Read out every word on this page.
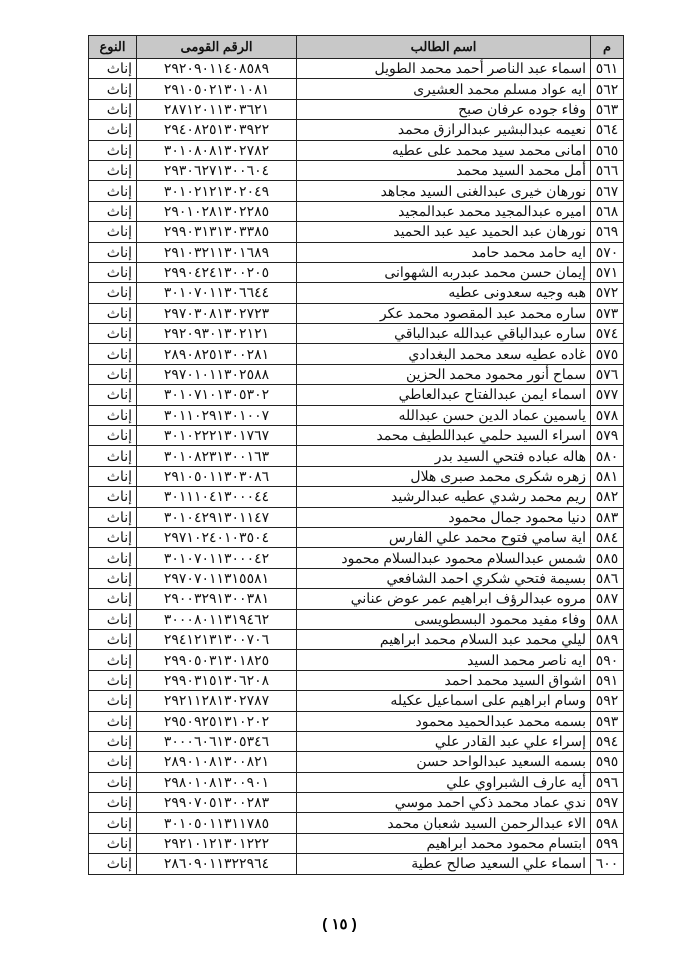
م	اسم الطالب	الرقم القومى	النوع
٥٦١	اسماء عبد الناصر أحمد محمد الطويل	٢٩٢٠٩٠١١٤٠٨٥٨٩	إناث
٥٦٢	ايه عواد مسلم محمد العشيرى	٢٩١٠٥٠٢١٣٠١٠٨١	إناث
٥٦٣	وفاء جوده عرفان صبح	٢٨٧١٢٠١١٣٠٣٦٢١	إناث
٥٦٤	نعيمه عبدالبشير عبدالرازق محمد	٢٩٤٠٨٢٥١٣٠٣٩٢٢	إناث
٥٦٥	امانى محمد سيد محمد على عطيه	٣٠١٠٨٠٨١٣٠٢٧٨٢	إناث
٥٦٦	أمل محمد السيد محمد	٢٩٣٠٦٢٧١٣٠٠٦٠٤	إناث
٥٦٧	نورهان خيرى عبدالغنى السيد مجاهد	٣٠١٠٢١٢١٣٠٢٠٤٩	إناث
٥٦٨	اميره عبدالمجيد محمد عبدالمجيد	٢٩٠١٠٢٨١٣٠٢٢٨٥	إناث
٥٦٩	نورهان عبد الحميد عيد عبد الحميد	٢٩٩٠٣١٣١٣٠٣٣٨٥	إناث
٥٧٠	ايه حامد محمد حامد	٢٩١٠٣٢١١٣٠١٦٨٩	إناث
٥٧١	إيمان حسن محمد عبدربه الشهوانى	٢٩٩٠٤٢٤١٣٠٠٢٠٥	إناث
٥٧٢	هبه وجيه سعدونى عطيه	٣٠١٠٧٠١١٣٠٦٦٤٤	إناث
٥٧٣	ساره محمد عبد المقصود محمد عكر	٢٩٧٠٣٠٨١٣٠٢٧٢٣	إناث
٥٧٤	ساره عبدالباقي عبدالله عبدالباقي	٢٩٢٠٩٣٠١٣٠٢١٢١	إناث
٥٧٥	غاده عطيه سعد محمد البغدادي	٢٨٩٠٨٢٥١٣٠٠٢٨١	إناث
٥٧٦	سماح أنور محمود محمد الحزين	٢٩٧٠١٠١١٣٠٢٥٨٨	إناث
٥٧٧	اسماء ايمن عبدالفتاح عبدالعاطي	٣٠١٠٧١٠١٣٠٥٣٠٢	إناث
٥٧٨	ياسمين عماد الدين حسن عبدالله	٣٠١١٠٢٩١٣٠١٠٠٧	إناث
٥٧٩	اسراء السيد حلمي عبداللطيف محمد	٣٠١٠٢٢٢١٣٠١٧٦٧	إناث
٥٨٠	هاله عباده فتحي السيد بدر	٣٠١٠٨٢٣١٣٠٠١٦٣	إناث
٥٨١	زهره شكرى محمد صبرى هلال	٢٩١٠٥٠١١٣٠٣٠٨٦	إناث
٥٨٢	ريم محمد رشدي عطيه عبدالرشيد	٣٠١١١٠٤١٣٠٠٠٤٤	إناث
٥٨٣	دنيا محمود جمال محمود	٣٠١٠٤٢٩١٣٠١١٤٧	إناث
٥٨٤	اية سامي فتوح محمد علي الفارس	٢٩٧١٠٢٤٠١٠٣٥٠٤	إناث
٥٨٥	شمس عبدالسلام محمود عبدالسلام محمود	٣٠١٠٧٠١١٣٠٠٠٤٢	إناث
٥٨٦	بسيمة فتحي شكري احمد الشافعي	٢٩٧٠٧٠١١٣١٥٥٨١	إناث
٥٨٧	مروه عبدالرؤف ابراهيم عمر عوض عناني	٢٩٠٠٣٢٩١٣٠٠٣٨١	إناث
٥٨٨	وفاء مفيد محمود البسطويسى	٣٠٠٠٨٠١١٣١٩٤٦٢	إناث
٥٨٩	ليلي محمد عبد السلام محمد ابراهيم	٢٩٤١٢١٣١٣٠٠٧٠٦	إناث
٥٩٠	ايه ناصر محمد السيد	٢٩٩٠٥٠٣١٣٠١٨٢٥	إناث
٥٩١	اشواق السيد محمد احمد	٢٩٩٠٣١٥١٣٠٦٢٠٨	إناث
٥٩٢	وسام ابراهيم على اسماعيل عكيله	٢٩٢١١٢٨١٣٠٢٧٨٧	إناث
٥٩٣	بسمه محمد عبدالحميد محمود	٢٩٥٠٩٢٥١٣١٠٢٠٢	إناث
٥٩٤	إسراء علي عبد القادر علي	٣٠٠٠٦٠٦١٣٠٥٣٤٦	إناث
٥٩٥	بسمه السعيد عبدالواحد حسن	٢٨٩٠١٠٨١٣٠٠٨٢١	إناث
٥٩٦	أيه عارف الشبراوي علي	٢٩٨٠١٠٨١٣٠٠٩٠١	إناث
٥٩٧	ندي عماد محمد ذكي احمد موسي	٢٩٩٠٧٠٥١٣٠٠٢٨٣	إناث
٥٩٨	الاء عبدالرحمن السيد شعبان محمد	٣٠١٠٥٠١١٣١١٧٨٥	إناث
٥٩٩	ابتسام محمود محمد ابراهيم	٢٩٢١٠١٢١٣٠١٢٢٢	إناث
٦٠٠	اسماء علي السعيد صالح عطية	٢٨٦٠٩٠١١٣٢٢٩٦٤	إناث
( ١٥ )
